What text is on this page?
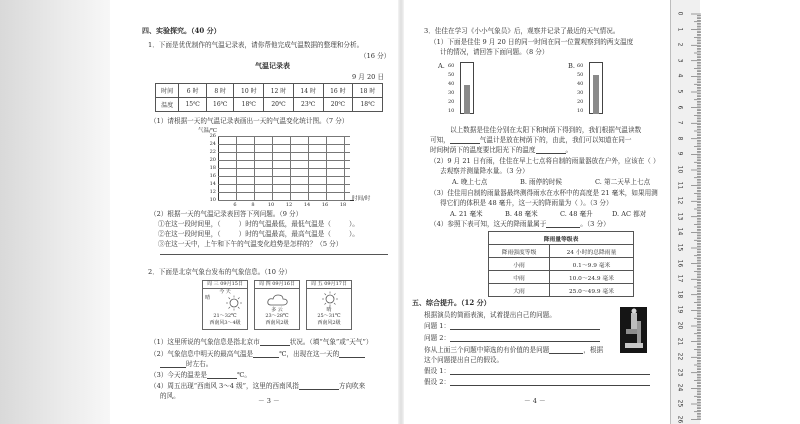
四、实验探究。（40 分）
1．下面是优优制作的气温记录表，请你帮他完成气温数据的整理和分析。
（16 分）
气温记录表
9 月 20 日
时间	6 时	8 时	10 时	12 时	14 时	16 时	18 时
温度	15℃	16℃	18℃	20℃	23℃	20℃	18℃
（1）请根据一天的气温记录表画出一天的气温变化统计图。（7 分）
气温/℃
26
24
22
20
18
16
14
12
10
6	8	10	12	14	16	18
时间/时
（2）根据一天的气温记录表回答下列问题。（9 分）
①在这一段时间里，（	）时的气温最低，最低气温是（	）。
②在这一段时间里，（	）时的气温最高，最高气温是（	）。
③在这一天中，上午和下午的气温变化趋势是怎样的？（5 分）
2．下面是北京气象台发布的气象信息。（10 分）
周 三 09月15日
今 天
晴
21～32℃
西南风3～4级
周 四 09月16日
多 云
23～28℃
西南风2级
周 五 09月17日
晴
25～31℃
西南风2级
（1）这里所说的气象信息是指北京市	状况。（填“气象”或“天气”）
（2）气象信息中明天的最高气温是	℃，出现在这一天的
时左右。
（3）今天的温差是	℃。
（4）周五出现“西南风 3～4 级”，这里的西南风指	方向吹来
的风。
－ 3 －
3．佳佳在学习《小小气象员》后，观察并记录了最近的天气情况。
（1）下面是佳佳 9 月 20 日的同一时间在同一位置观察到的两支温度
计的情况，请回答下面问题。（8 分）
A. 60
50
40
30
20
10
B. 60
50
40
30
20
10
以上数据是佳佳分别在太阳下和树荫下得到的，我们根据气温读数
可知，	气温计是放在树荫下的，由此，我们可以知道在同一
时间树荫下的温度要比阳光下的温度	。
（2）9 月 21 日有雨，佳佳在早上七点将自制的雨量器放在户外，应该在（ ）
去观察并测量降水量。（3 分）
A. 晚上七点	B. 雨停的时候	C. 第二天早上七点
（3）佳佳用自制的雨量器最终测得雨水在水杯中的高度是 21 毫米，如果用测
得它们的体积是 48 毫升，这一天的降雨量为（ ）。（3 分）
A. 21 毫米	B. 48 毫米	C. 48 毫升	D. AC 都对
（4）参照下表可知，这天的降雨量属于	。（3 分）
降雨量等级表	
降雨强度等级	24 小时的总降雨量
小雨	0.1～9.9 毫米
中雨	10.0～24.9 毫米
大雨	25.0～49.9 毫米
五、综合提升。（12 分）
根据演员的简画表演，试着提出自己的问题。
问题 1：
问题 2：
你从上面三个问题中筛选的有价值的是问题	，根据
这个问题提出自己的假设。
假设 1：
假设 2：
－ 4 －
0
1
2
3
4
5
6
7
8
9
10
11
12
13
14
15
16
17
18
19
20
21
22
23
24
25
26
